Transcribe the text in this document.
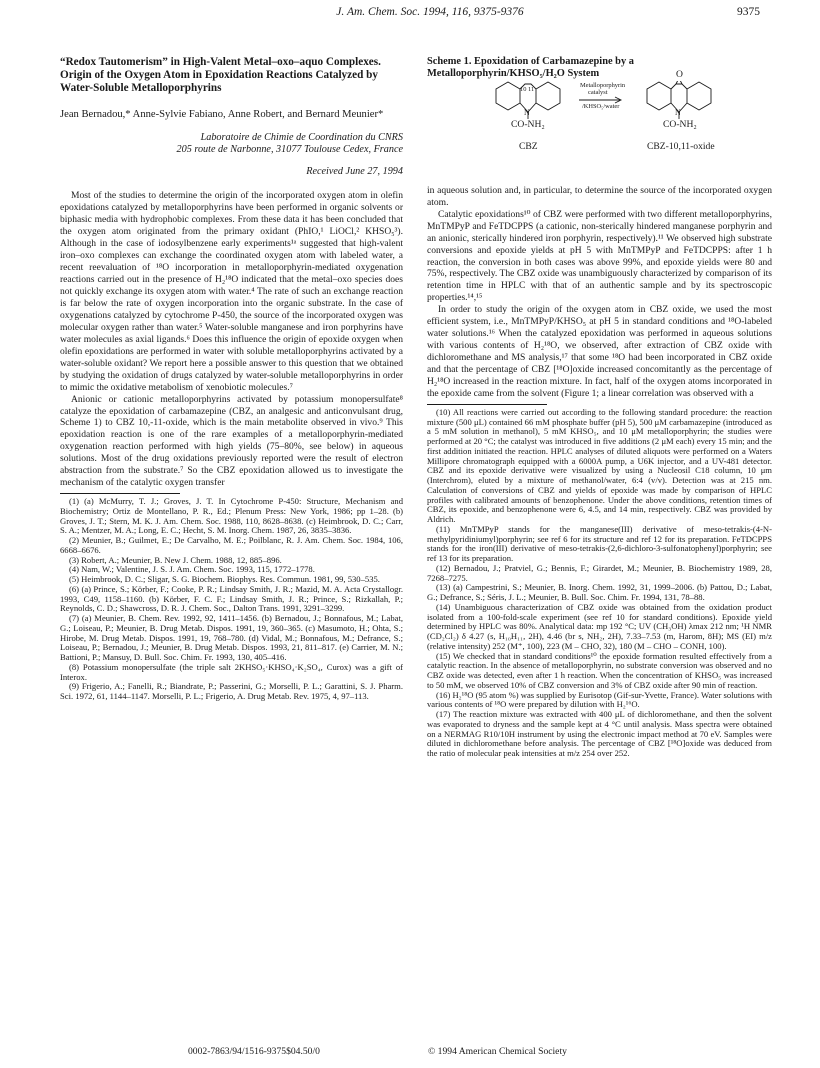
J. Am. Chem. Soc. 1994, 116, 9375-9376	9375
“Redox Tautomerism” in High-Valent Metal–oxo–aquo Complexes. Origin of the Oxygen Atom in Epoxidation Reactions Catalyzed by Water-Soluble Metalloporphyrins
Jean Bernadou,* Anne-Sylvie Fabiano, Anne Robert, and Bernard Meunier*
Laboratoire de Chimie de Coordination du CNRS
205 route de Narbonne, 31077 Toulouse Cedex, France
Received June 27, 1994

Most of the studies to determine the origin of the incorporated oxygen atom in olefin epoxidations catalyzed by metalloporphyrins have been performed in organic solvents or biphasic media with hydrophobic complexes. From these data it has been concluded that the oxygen atom originated from the primary oxidant (PhIO,¹ LiOCl,² KHSO₅³). Although in the case of iodosylbenzene early experiments¹ᵃ suggested that high-valent iron–oxo complexes can exchange the coordinated oxygen atom with labeled water, a recent reevaluation of ¹⁸O incorporation in metalloporphyrin-mediated oxygenation reactions carried out in the presence of H₂¹⁸O indicated that the metal–oxo species does not quickly exchange its oxygen atom with water.⁴ The rate of such an exchange reaction is far below the rate of oxygen incorporation into the organic substrate. In the case of oxygenations catalyzed by cytochrome P-450, the source of the incorporated oxygen was molecular oxygen rather than water.⁵ Water-soluble manganese and iron porphyrins have water molecules as axial ligands.⁶ Does this influence the origin of epoxide oxygen when olefin epoxidations are performed in water with soluble metalloporphyrins activated by a water-soluble oxidant? We report here a possible answer to this question that we obtained by studying the oxidation of drugs catalyzed by water-soluble metalloporphyrins in order to mimic the oxidative metabolism of xenobiotic molecules.⁷

Anionic or cationic metalloporphyrins activated by potassium monopersulfate⁸ catalyze the epoxidation of carbamazepine (CBZ, an analgesic and anticonvulsant drug, Scheme 1) to CBZ 10,-11-oxide, which is the main metabolite observed in vivo.⁹ This epoxidation reaction is one of the rare examples of a metalloporphyrin-mediated oxygenation reaction performed with high yields (75–80%, see below) in aqueous solutions. Most of the drug oxidations previously reported were the result of electron abstraction from the substrate.⁷ So the CBZ epoxidation allowed us to investigate the mechanism of the catalytic oxygen transfer

(1) (a) McMurry, T. J.; Groves, J. T. In Cytochrome P-450: Structure, Mechanism and Biochemistry; Ortiz de Montellano, P. R., Ed.; Plenum Press: New York, 1986; pp 1–28. (b) Groves, J. T.; Stern, M. K. J. Am. Chem. Soc. 1988, 110, 8628–8638. (c) Heimbrook, D. C.; Carr, S. A.; Mentzer, M. A.; Long, E. C.; Hecht, S. M. Inorg. Chem. 1987, 26, 3835–3836.

(2) Meunier, B.; Guilmet, E.; De Carvalho, M. E.; Poilblanc, R. J. Am. Chem. Soc. 1984, 106, 6668–6676.

(3) Robert, A.; Meunier, B. New J. Chem. 1988, 12, 885–896.

(4) Nam, W.; Valentine, J. S. J. Am. Chem. Soc. 1993, 115, 1772–1778.

(5) Heimbrook, D. C.; Sligar, S. G. Biochem. Biophys. Res. Commun. 1981, 99, 530–535.

(6) (a) Prince, S.; Körber, F.; Cooke, P. R.; Lindsay Smith, J. R.; Mazid, M. A. Acta Crystallogr. 1993, C49, 1158–1160. (b) Körber, F. C. F.; Lindsay Smith, J. R.; Prince, S.; Rizkallah, P.; Reynolds, C. D.; Shawcross, D. R. J. Chem. Soc., Dalton Trans. 1991, 3291–3299.

(7) (a) Meunier, B. Chem. Rev. 1992, 92, 1411–1456. (b) Bernadou, J.; Bonnafous, M.; Labat, G.; Loiseau, P.; Meunier, B. Drug Metab. Dispos. 1991, 19, 360–365. (c) Masumoto, H.; Ohta, S.; Hirobe, M. Drug Metab. Dispos. 1991, 19, 768–780. (d) Vidal, M.; Bonnafous, M.; Defrance, S.; Loiseau, P.; Bernadou, J.; Meunier, B. Drug Metab. Dispos. 1993, 21, 811–817. (e) Carrier, M. N.; Battioni, P.; Mansuy, D. Bull. Soc. Chim. Fr. 1993, 130, 405–416.

(8) Potassium monopersulfate (the triple salt 2KHSO₅·KHSO₄·K₂SO₄, Curox) was a gift of Interox.

(9) Frigerio, A.; Fanelli, R.; Biandrate, P.; Passerini, G.; Morselli, P. L.; Garattini, S. J. Pharm. Sci. 1972, 61, 1144–1147. Morselli, P. L.; Frigerio, A. Drug Metab. Rev. 1975, 4, 97–113.

Scheme 1. Epoxidation of Carbamazepine by a Metalloporphyrin/KHSO₅/H₂O System
10 11
Metalloporphyrin
catalyst
/KHSO₅/water
O
N	N
CO-NH₂	CO-NH₂
CBZ	CBZ-10,11-oxide

in aqueous solution and, in particular, to determine the source of the incorporated oxygen atom.

Catalytic epoxidations¹⁰ of CBZ were performed with two different metalloporphyrins, MnTMPyP and FeTDCPPS (a cationic, non-sterically hindered manganese porphyrin and an anionic, sterically hindered iron porphyrin, respectively).¹¹ We observed high substrate conversions and epoxide yields at pH 5 with MnTMPyP and FeTDCPPS: after 1 h reaction, the conversion in both cases was above 99%, and epoxide yields were 80 and 75%, respectively. The CBZ oxide was unambiguously characterized by comparison of its retention time in HPLC with that of an authentic sample and by its spectroscopic properties.¹⁴,¹⁵

In order to study the origin of the oxygen atom in CBZ oxide, we used the most efficient system, i.e., MnTMPyP/KHSO₅ at pH 5 in standard conditions and ¹⁸O-labeled water solutions.¹⁶ When the catalyzed epoxidation was performed in aqueous solutions with various contents of H₂¹⁸O, we observed, after extraction of CBZ oxide with dichloromethane and MS analysis,¹⁷ that some ¹⁸O had been incorporated in CBZ oxide and that the percentage of CBZ [¹⁸O]oxide increased concomitantly as the percentage of H₂¹⁸O increased in the reaction mixture. In fact, half of the oxygen atoms incorporated in the epoxide came from the solvent (Figure 1; a linear correlation was observed with a

(10) All reactions were carried out according to the following standard procedure: the reaction mixture (500 μL) contained 66 mM phosphate buffer (pH 5), 500 μM carbamazepine (introduced as a 5 mM solution in methanol), 5 mM KHSO₅, and 10 μM metalloporphyrin; the studies were performed at 20 °C; the catalyst was introduced in five additions (2 μM each) every 15 min; and the first addition initiated the reaction. HPLC analyses of diluted aliquots were performed on a Waters Millipore chromatograph equipped with a 6000A pump, a U6K injector, and a UV-481 detector. CBZ and its epoxide derivative were visualized by using a Nucleosil C18 column, 10 μm (Interchrom), eluted by a mixture of methanol/water, 6:4 (v/v). Detection was at 215 nm. Calculation of conversions of CBZ and yields of epoxide was made by comparison of HPLC profiles with calibrated amounts of benzophenone. Under the above conditions, retention times of CBZ, its epoxide, and benzophenone were 6, 4.5, and 14 min, respectively. CBZ was provided by Aldrich.

(11) MnTMPyP stands for the manganese(III) derivative of meso-tetrakis-(4-N-methylpyridiniumyl)porphyrin; see ref 6 for its structure and ref 12 for its preparation. FeTDCPPS stands for the iron(III) derivative of meso-tetrakis-(2,6-dichloro-3-sulfonatophenyl)porphyrin; see ref 13 for its preparation.

(12) Bernadou, J.; Pratviel, G.; Bennis, F.; Girardet, M.; Meunier, B. Biochemistry 1989, 28, 7268–7275.

(13) (a) Campestrini, S.; Meunier, B. Inorg. Chem. 1992, 31, 1999–2006. (b) Pattou, D.; Labat, G.; Defrance, S.; Séris, J. L.; Meunier, B. Bull. Soc. Chim. Fr. 1994, 131, 78–88.

(14) Unambiguous characterization of CBZ oxide was obtained from the oxidation product isolated from a 100-fold-scale experiment (see ref 10 for standard conditions). Epoxide yield determined by HPLC was 80%. Analytical data: mp 192 °C; UV (CH₃OH) λmax 212 nm; ¹H NMR (CD₂Cl₂) δ 4.27 (s, H₁₀H₁₁, 2H), 4.46 (br s, NH₂, 2H), 7.33–7.53 (m, Harom, 8H); MS (EI) m/z (relative intensity) 252 (M⁺, 100), 223 (M – CHO, 32), 180 (M – CHO – CONH, 100).

(15) We checked that in standard conditions¹⁰ the epoxide formation resulted effectively from a catalytic reaction. In the absence of metalloporphyrin, no substrate conversion was observed and no CBZ oxide was detected, even after 1 h reaction. When the concentration of KHSO₅ was increased to 50 mM, we observed 10% of CBZ conversion and 3% of CBZ oxide after 90 min of reaction.

(16) H₂¹⁸O (95 atom %) was supplied by Eurisotop (Gif-sur-Yvette, France). Water solutions with various contents of ¹⁸O were prepared by dilution with H₂¹⁶O.

(17) The reaction mixture was extracted with 400 μL of dichloromethane, and then the solvent was evaporated to dryness and the sample kept at 4 °C until analysis. Mass spectra were obtained on a NERMAG R10/10H instrument by using the electronic impact method at 70 eV. Samples were diluted in dichloromethane before analysis. The percentage of CBZ [¹⁸O]oxide was deduced from the ratio of molecular peak intensities at m/z 254 over 252.

0002-7863/94/1516-9375$04.50/0	© 1994 American Chemical Society
